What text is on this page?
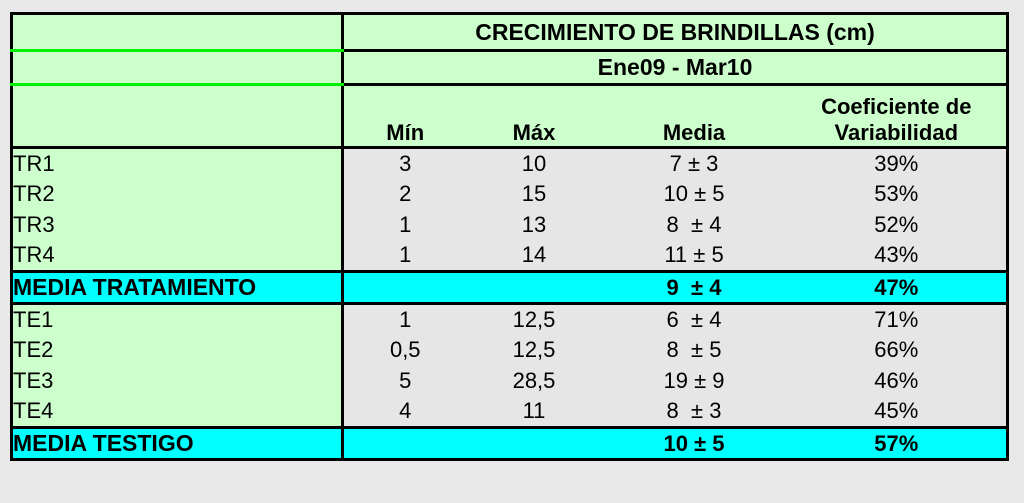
	CRECIMIENTO DE BRINDILLAS (cm)			
	Ene09 - Mar10			
	Mín	Máx	Media	Coeficiente de Variabilidad
TR1	3	10	7 ± 3	39%
TR2	2	15	10 ± 5	53%
TR3	1	13	8  ± 4	52%
TR4	1	14	11 ± 5	43%
MEDIA TRATAMIENTO			9  ± 4	47%
TE1	1	12,5	6  ± 4	71%
TE2	0,5	12,5	8  ± 5	66%
TE3	5	28,5	19 ± 9	46%
TE4	4	11	8  ± 3	45%
MEDIA TESTIGO			10 ± 5	57%
